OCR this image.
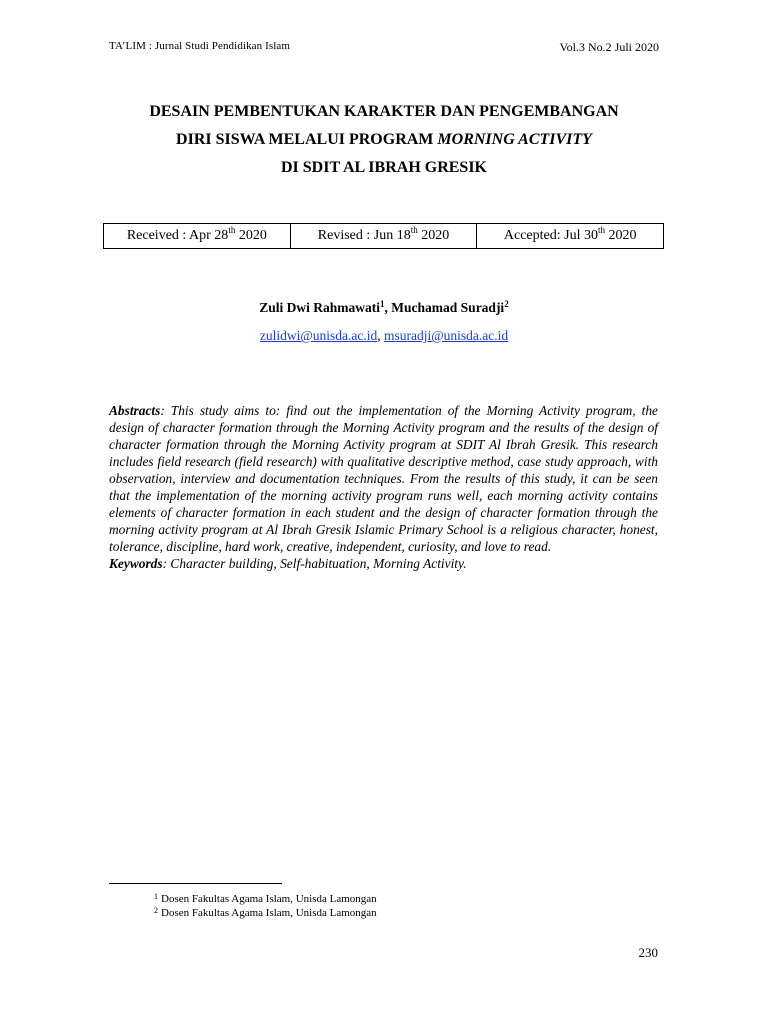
TA’LIM : Jurnal Studi Pendidikan Islam	Vol.3 No.2 Juli 2020
DESAIN PEMBENTUKAN KARAKTER DAN PENGEMBANGAN
DIRI SISWA MELALUI PROGRAM MORNING ACTIVITY
DI SDIT AL IBRAH GRESIK
Received : Apr 28th 2020	Revised : Jun 18th 2020	Accepted: Jul 30th 2020
Zuli Dwi Rahmawati$^1$, Muchamad Suradji$^2$
zulidwi@unisda.ac.id, msuradji@unisda.ac.id

Abstracts: This study aims to: find out the implementation of the Morning Activity program, the design of character formation through the Morning Activity program and the results of the design of character formation through the Morning Activity program at SDIT Al Ibrah Gresik. This research includes field research (field research) with qualitative descriptive method, case study approach, with observation, interview and documentation techniques. From the results of this study, it can be seen that the implementation of the morning activity program runs well, each morning activity contains elements of character formation in each student and the design of character formation through the morning activity program at Al Ibrah Gresik Islamic Primary School is a religious character, honest, tolerance, discipline, hard work, creative, independent, curiosity, and love to read.

Keywords: Character building, Self-habituation, Morning Activity.

$^1$ Dosen Fakultas Agama Islam, Unisda Lamongan
$^2$ Dosen Fakultas Agama Islam, Unisda Lamongan
230
